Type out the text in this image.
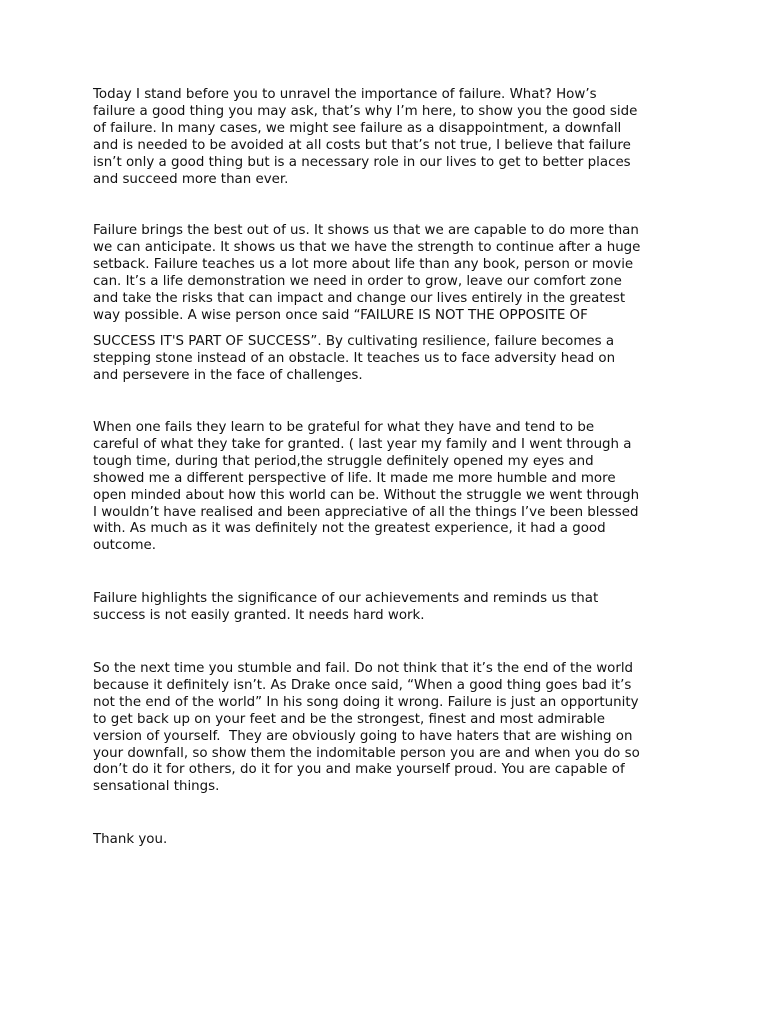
Today I stand before you to unravel the importance of failure. What? How’s
failure a good thing you may ask, that’s why I’m here, to show you the good side
of failure. In many cases, we might see failure as a disappointment, a downfall
and is needed to be avoided at all costs but that’s not true, I believe that failure
isn’t only a good thing but is a necessary role in our lives to get to better places
and succeed more than ever.
Failure brings the best out of us. It shows us that we are capable to do more than
we can anticipate. It shows us that we have the strength to continue after a huge
setback. Failure teaches us a lot more about life than any book, person or movie
can. It’s a life demonstration we need in order to grow, leave our comfort zone
and take the risks that can impact and change our lives entirely in the greatest
way possible. A wise person once said “FAILURE IS NOT THE OPPOSITE OF
SUCCESS IT'S PART OF SUCCESS”. By cultivating resilience, failure becomes a
stepping stone instead of an obstacle. It teaches us to face adversity head on
and persevere in the face of challenges.
When one fails they learn to be grateful for what they have and tend to be
careful of what they take for granted. ( last year my family and I went through a
tough time, during that period,the struggle definitely opened my eyes and
showed me a different perspective of life. It made me more humble and more
open minded about how this world can be. Without the struggle we went through
I wouldn’t have realised and been appreciative of all the things I’ve been blessed
with. As much as it was definitely not the greatest experience, it had a good
outcome.
Failure highlights the significance of our achievements and reminds us that
success is not easily granted. It needs hard work.
So the next time you stumble and fail. Do not think that it’s the end of the world
because it definitely isn’t. As Drake once said, “When a good thing goes bad it’s
not the end of the world” In his song doing it wrong. Failure is just an opportunity
to get back up on your feet and be the strongest, finest and most admirable
version of yourself.  They are obviously going to have haters that are wishing on
your downfall, so show them the indomitable person you are and when you do so
don’t do it for others, do it for you and make yourself proud. You are capable of
sensational things.
Thank you.
